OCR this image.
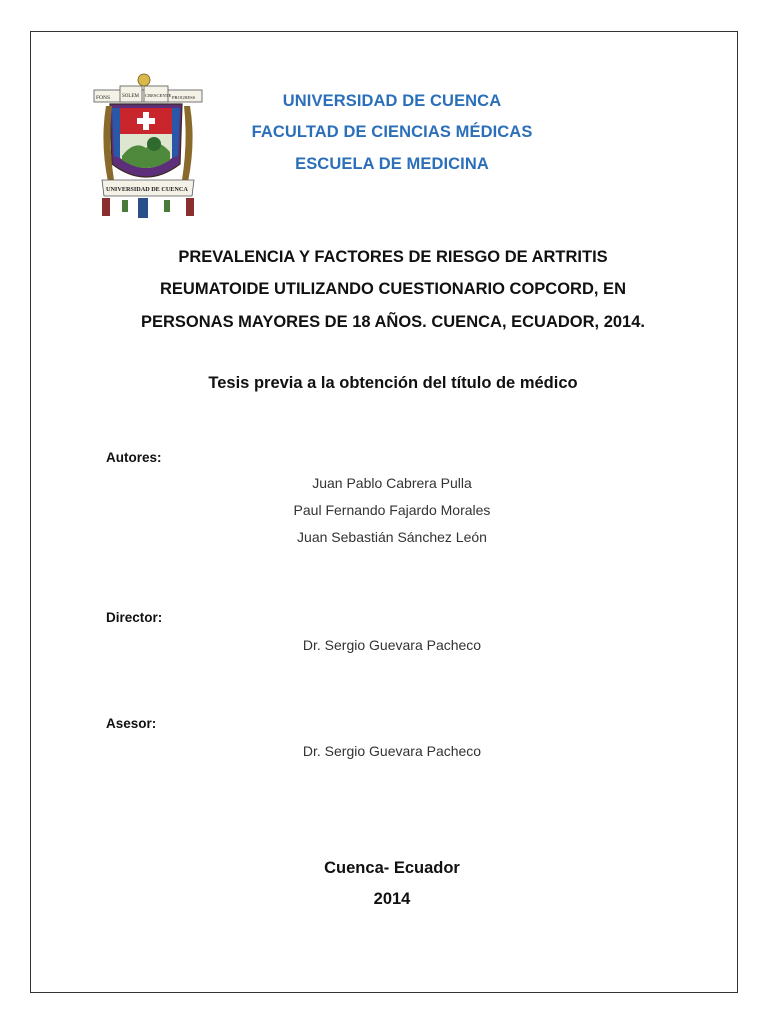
FONS SOLEM CRESCENTE PROGRESS
UNIVERSIDAD DE CUENCA
UNIVERSIDAD DE CUENCA
FACULTAD DE CIENCIAS MÉDICAS
ESCUELA DE MEDICINA
PREVALENCIA Y FACTORES DE RIESGO DE ARTRITIS
REUMATOIDE UTILIZANDO CUESTIONARIO COPCORD, EN
PERSONAS MAYORES DE 18 AÑOS. CUENCA, ECUADOR, 2014.
Tesis previa a la obtención del título de médico
Autores:
Juan Pablo Cabrera Pulla
Paul Fernando Fajardo Morales
Juan Sebastián Sánchez León
Director:
Dr. Sergio Guevara Pacheco
Asesor:
Dr. Sergio Guevara Pacheco
Cuenca- Ecuador
2014
